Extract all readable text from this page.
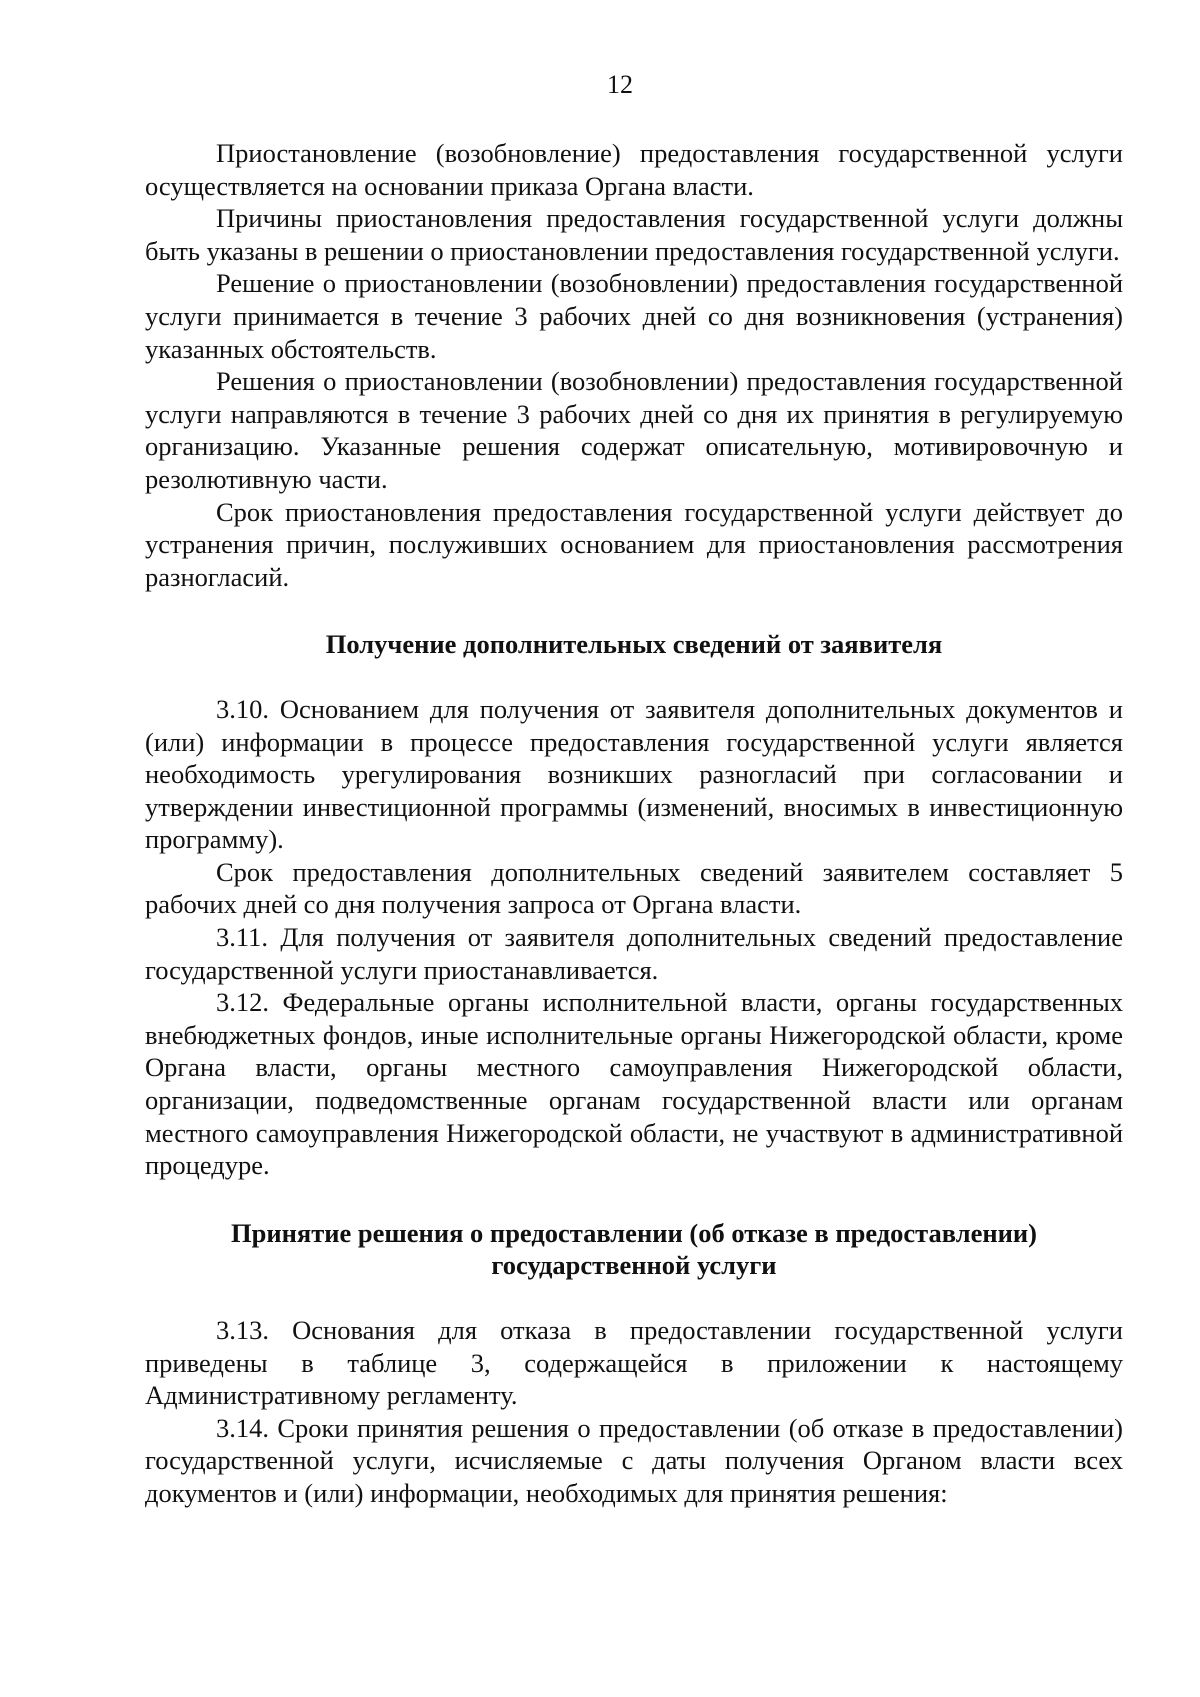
12

Приостановление (возобновление) предоставления государственной услуги осуществляется на основании приказа Органа власти.

Причины приостановления предоставления государственной услуги должны быть указаны в решении о приостановлении предоставления государственной услуги.

Решение о приостановлении (возобновлении) предоставления государственной услуги принимается в течение 3 рабочих дней со дня возникновения (устранения) указанных обстоятельств.

Решения о приостановлении (возобновлении) предоставления государственной услуги направляются в течение 3 рабочих дней со дня их принятия в регулируемую организацию. Указанные решения содержат описательную, мотивировочную и резолютивную части.

Срок приостановления предоставления государственной услуги действует до устранения причин, послуживших основанием для приостановления рассмотрения разногласий.

Получение дополнительных сведений от заявителя

3.10. Основанием для получения от заявителя дополнительных документов и (или) информации в процессе предоставления государственной услуги является необходимость урегулирования возникших разногласий при согласовании и утверждении инвестиционной программы (изменений, вносимых в инвестиционную программу).

Срок предоставления дополнительных сведений заявителем составляет 5 рабочих дней со дня получения запроса от Органа власти.

3.11. Для получения от заявителя дополнительных сведений предоставление государственной услуги приостанавливается.

3.12. Федеральные органы исполнительной власти, органы государственных внебюджетных фондов, иные исполнительные органы Нижегородской области, кроме Органа власти, органы местного самоуправления Нижегородской области, организации, подведомственные органам государственной власти или органам местного самоуправления Нижегородской области, не участвуют в административной процедуре.

Принятие решения о предоставлении (об отказе в предоставлении)
государственной услуги

3.13. Основания для отказа в предоставлении государственной услуги приведены в таблице 3, содержащейся в приложении к настоящему Административному регламенту.

3.14. Сроки принятия решения о предоставлении (об отказе в предоставлении) государственной услуги, исчисляемые с даты получения Органом власти всех документов и (или) информации, необходимых для принятия решения:
